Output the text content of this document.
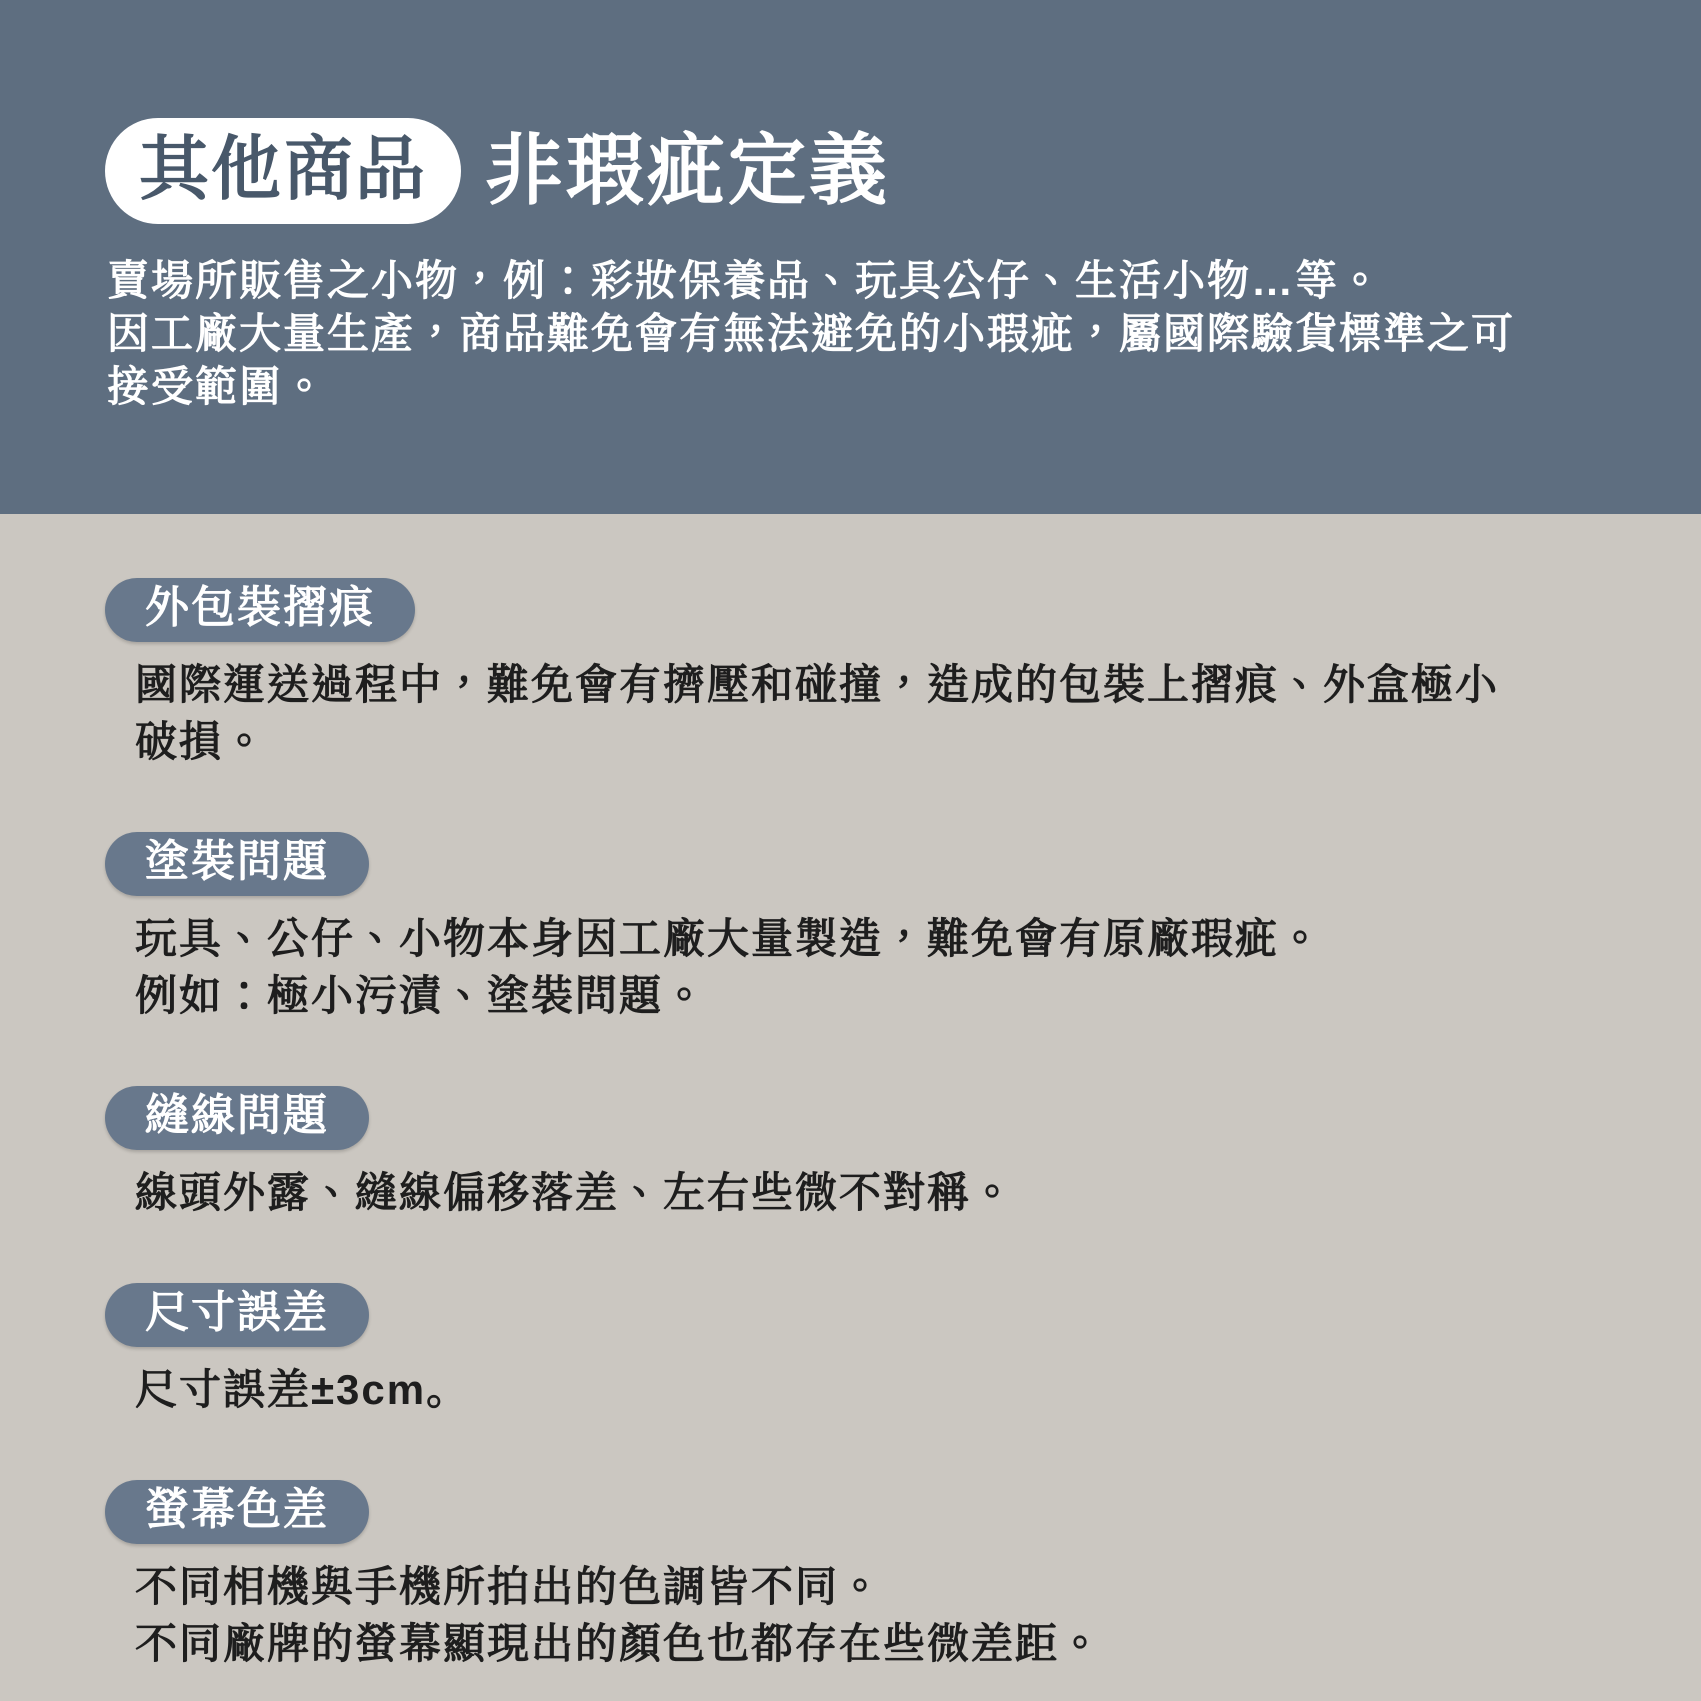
其他商品 非瑕疵定義

賣場所販售之小物，例：彩妝保養品、玩具公仔、生活小物…等。
因工廠大量生產，商品難免會有無法避免的小瑕疵，屬國際驗貨標準之可
接受範圍。

外包裝摺痕
國際運送過程中，難免會有擠壓和碰撞，造成的包裝上摺痕、外盒極小
破損。
塗裝問題
玩具、公仔、小物本身因工廠大量製造，難免會有原廠瑕疵。
例如：極小污漬、塗裝問題。
縫線問題
線頭外露、縫線偏移落差、左右些微不對稱。
尺寸誤差
尺寸誤差±3cm。
螢幕色差
不同相機與手機所拍出的色調皆不同。
不同廠牌的螢幕顯現出的顏色也都存在些微差距。
